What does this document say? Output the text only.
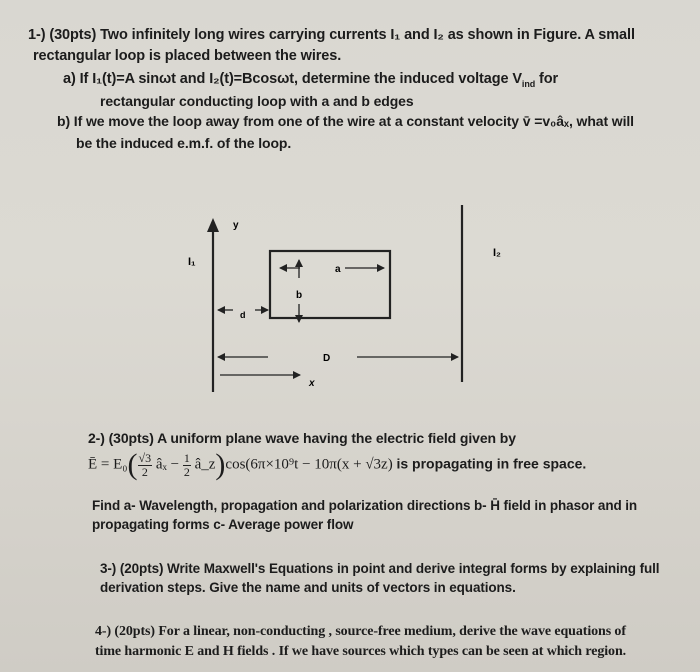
1-) (30pts) Two infinitely long wires carrying currents I₁ and I₂ as shown in Figure. A small
rectangular loop is placed between the wires.
a) If I₁(t)=A sinωt and I₂(t)=Bcosωt, determine the induced voltage $V_{ind}$ for
rectangular conducting loop with a and b edges
b) If we move the loop away from one of the wire at a constant velocity v̄ =v₀âₓ, what will
be the induced e.m.f. of the loop.
y
I₁
I₂
a
b
D
d
x
2-) (30pts) A uniform plane wave having the electric field given by
Ē = $E_0( \frac{√3}{2}$ âₓ − $\frac{1}{2}$ â_z)cos(6π×10⁹t − 10π(x + √3z) is propagating in free space.
Find a- Wavelength, propagation and polarization directions b- H̄ field in phasor and in
propagating forms c- Average power flow
3-) (20pts) Write Maxwell's Equations in point and derive integral forms by explaining full
derivation steps. Give the name and units of vectors in equations.
4-) (20pts) For a linear, non-conducting , source-free medium, derive the wave equations of
time harmonic E and H fields . If we have sources which types can be seen at which region.
